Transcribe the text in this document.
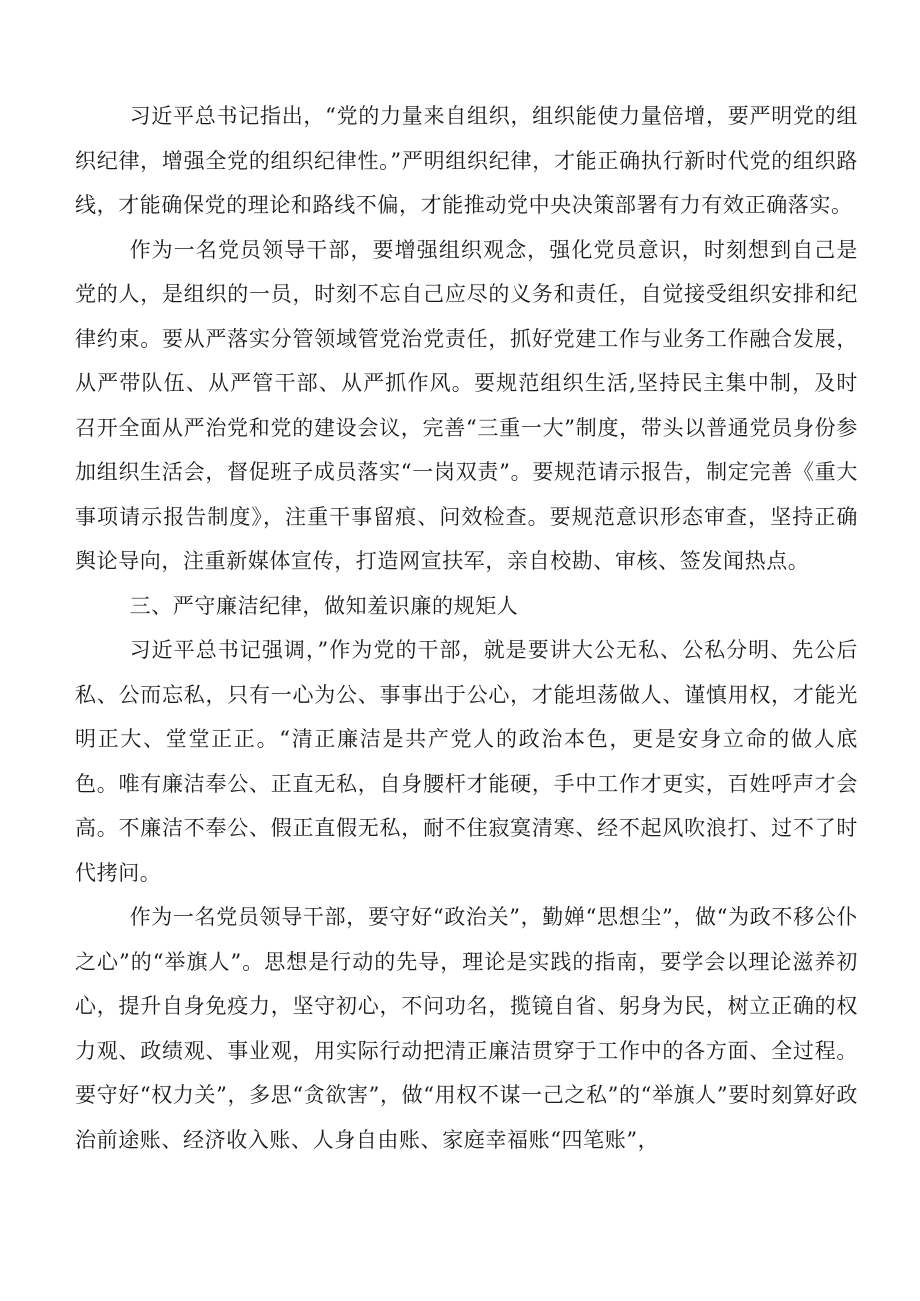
习近平总书记指出，“党的力量来自组织，组织能使力量倍增，要严明党的组织纪律，增强全党的组织纪律性。”严明组织纪律，才能正确执行新时代党的组织路线，才能确保党的理论和路线不偏，才能推动党中央决策部署有力有效正确落实。

作为一名党员领导干部，要增强组织观念，强化党员意识，时刻想到自己是党的人，是组织的一员，时刻不忘自己应尽的义务和责任，自觉接受组织安排和纪律约束。要从严落实分管领域管党治党责任，抓好党建工作与业务工作融合发展，从严带队伍、从严管干部、从严抓作风。要规范组织生活,坚持民主集中制，及时召开全面从严治党和党的建设会议，完善“三重一大”制度，带头以普通党员身份参加组织生活会，督促班子成员落实“一岗双责”。要规范请示报告，制定完善《重大事项请示报告制度》，注重干事留痕、问效检查。要规范意识形态审查，坚持正确舆论导向，注重新媒体宣传，打造网宣扶军，亲自校勘、审核、签发闻热点。

三、严守廉洁纪律，做知羞识廉的规矩人

习近平总书记强调，”作为党的干部，就是要讲大公无私、公私分明、先公后私、公而忘私，只有一心为公、事事出于公心，才能坦荡做人、谨慎用权，才能光明正大、堂堂正正。“清正廉洁是共产党人的政治本色，更是安身立命的做人底色。唯有廉洁奉公、正直无私，自身腰杆才能硬，手中工作才更实，百姓呼声才会高。不廉洁不奉公、假正直假无私，耐不住寂寞清寒、经不起风吹浪打、过不了时代拷问。

作为一名党员领导干部，要守好“政治关”，勤婵“思想尘”，做“为政不移公仆之心”的“举旗人”。思想是行动的先导，理论是实践的指南，要学会以理论滋养初心，提升自身免疫力，坚守初心，不问功名，揽镜自省、躬身为民，树立正确的权力观、政绩观、事业观，用实际行动把清正廉洁贯穿于工作中的各方面、全过程。要守好“权力关”，多思“贪欲害”，做“用权不谋一己之私”的“举旗人”要时刻算好政治前途账、经济收入账、人身自由账、家庭幸福账“四笔账”，
